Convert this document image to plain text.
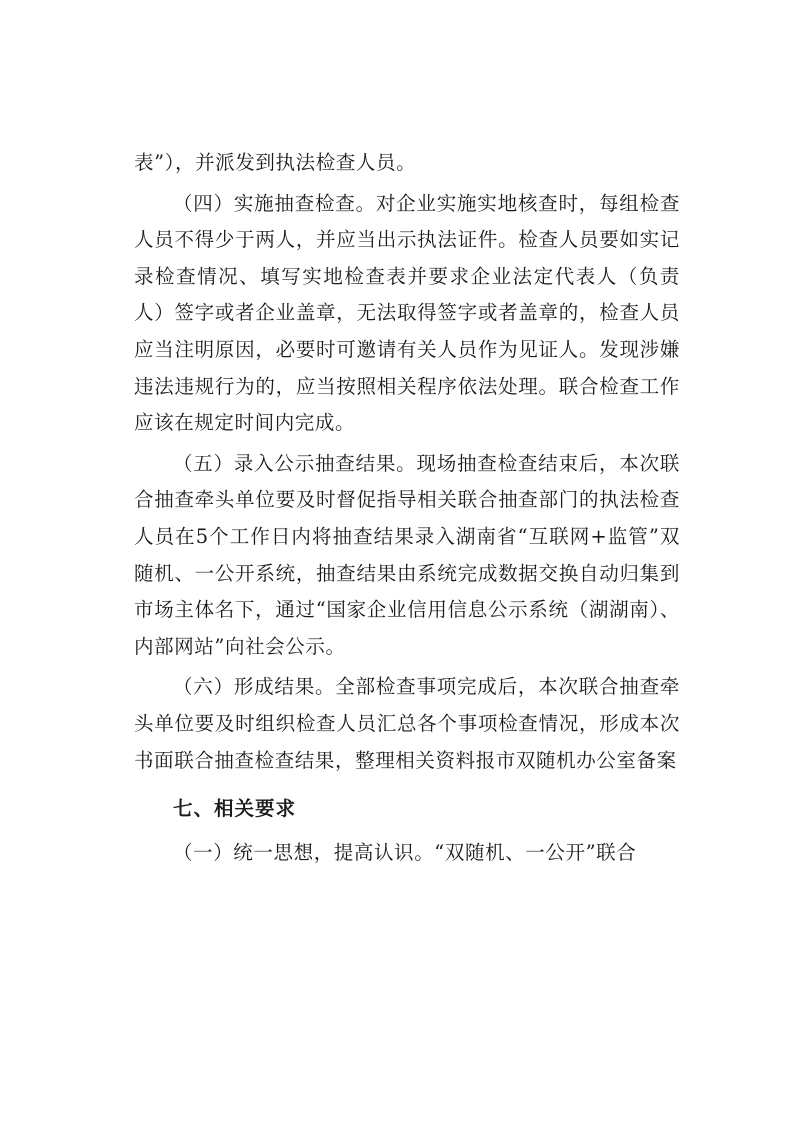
表”），并派发到执法检查人员。

（四）实施抽查检查。对企业实施实地核查时，每组检查人员不得少于两人，并应当出示执法证件。检查人员要如实记录检查情况、填写实地检查表并要求企业法定代表人（负责人）签字或者企业盖章，无法取得签字或者盖章的，检查人员应当注明原因，必要时可邀请有关人员作为见证人。发现涉嫌违法违规行为的，应当按照相关程序依法处理。联合检查工作应该在规定时间内完成。

（五）录入公示抽查结果。现场抽查检查结束后，本次联合抽查牵头单位要及时督促指导相关联合抽查部门的执法检查人员在5个工作日内将抽查结果录入湖南省“互联网+监管”双随机、一公开系统，抽查结果由系统完成数据交换自动归集到市场主体名下，通过“国家企业信用信息公示系统（湖湖南）、内部网站”向社会公示。

（六）形成结果。全部检查事项完成后，本次联合抽查牵头单位要及时组织检查人员汇总各个事项检查情况，形成本次书面联合抽查检查结果，整理相关资料报市双随机办公室备案

七、相关要求

（一）统一思想，提高认识。“双随机、一公开”联合
